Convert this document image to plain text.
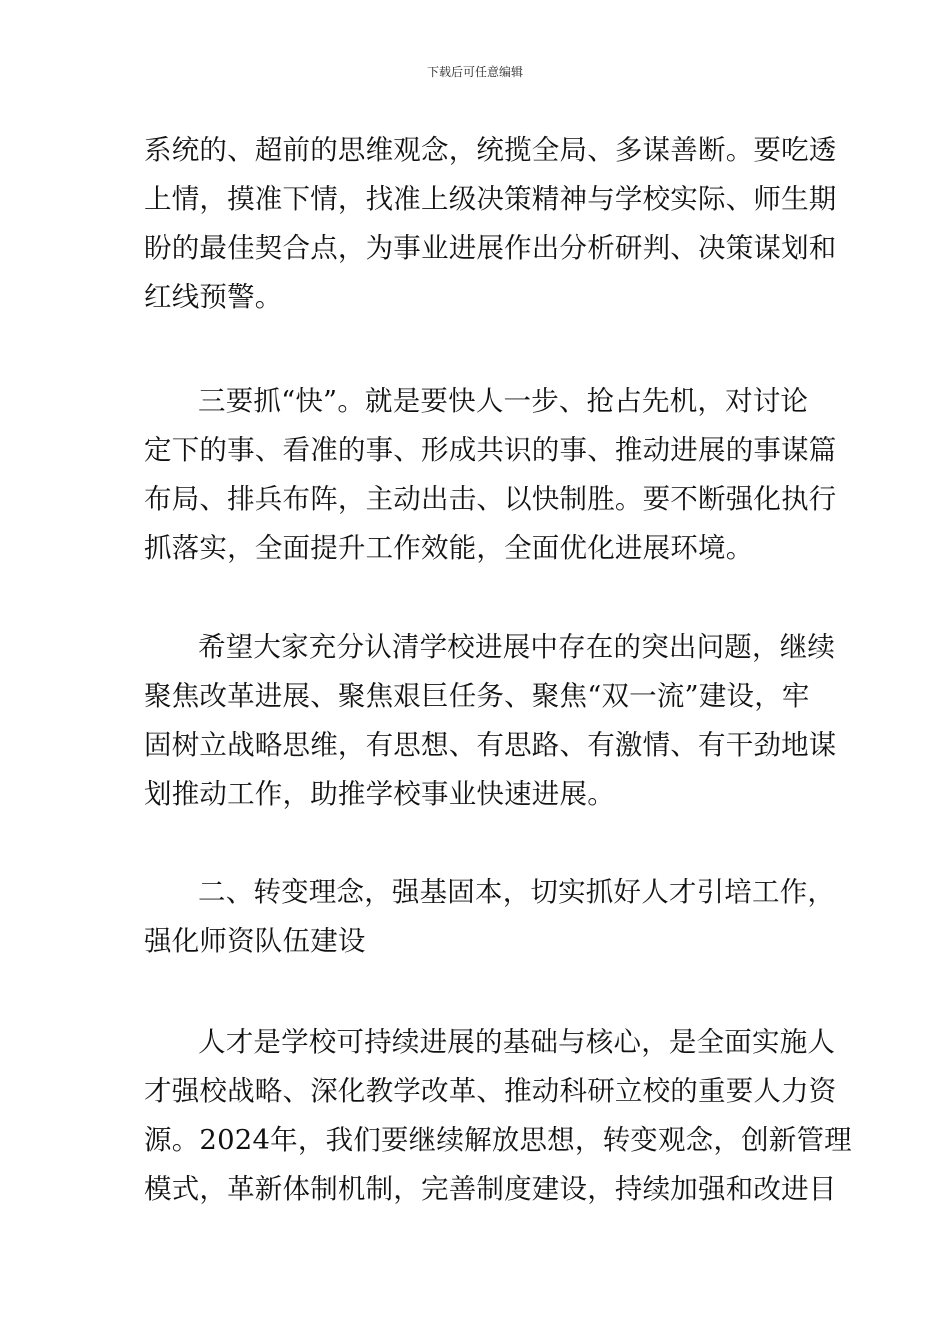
下载后可任意编辑
系统的、超前的思维观念，统揽全局、多谋善断。要吃透
上情，摸准下情，找准上级决策精神与学校实际、师生期
盼的最佳契合点，为事业进展作出分析研判、决策谋划和
红线预警。
三要抓“快”。就是要快人一步、抢占先机，对讨论
定下的事、看准的事、形成共识的事、推动进展的事谋篇
布局、排兵布阵，主动出击、以快制胜。要不断强化执行
抓落实，全面提升工作效能，全面优化进展环境。
希望大家充分认清学校进展中存在的突出问题，继续
聚焦改革进展、聚焦艰巨任务、聚焦“双一流”建设，牢
固树立战略思维，有思想、有思路、有激情、有干劲地谋
划推动工作，助推学校事业快速进展。
二、转变理念，强基固本，切实抓好人才引培工作，
强化师资队伍建设
人才是学校可持续进展的基础与核心，是全面实施人
才强校战略、深化教学改革、推动科研立校的重要人力资
源。2024年，我们要继续解放思想，转变观念，创新管理
模式，革新体制机制，完善制度建设，持续加强和改进目
